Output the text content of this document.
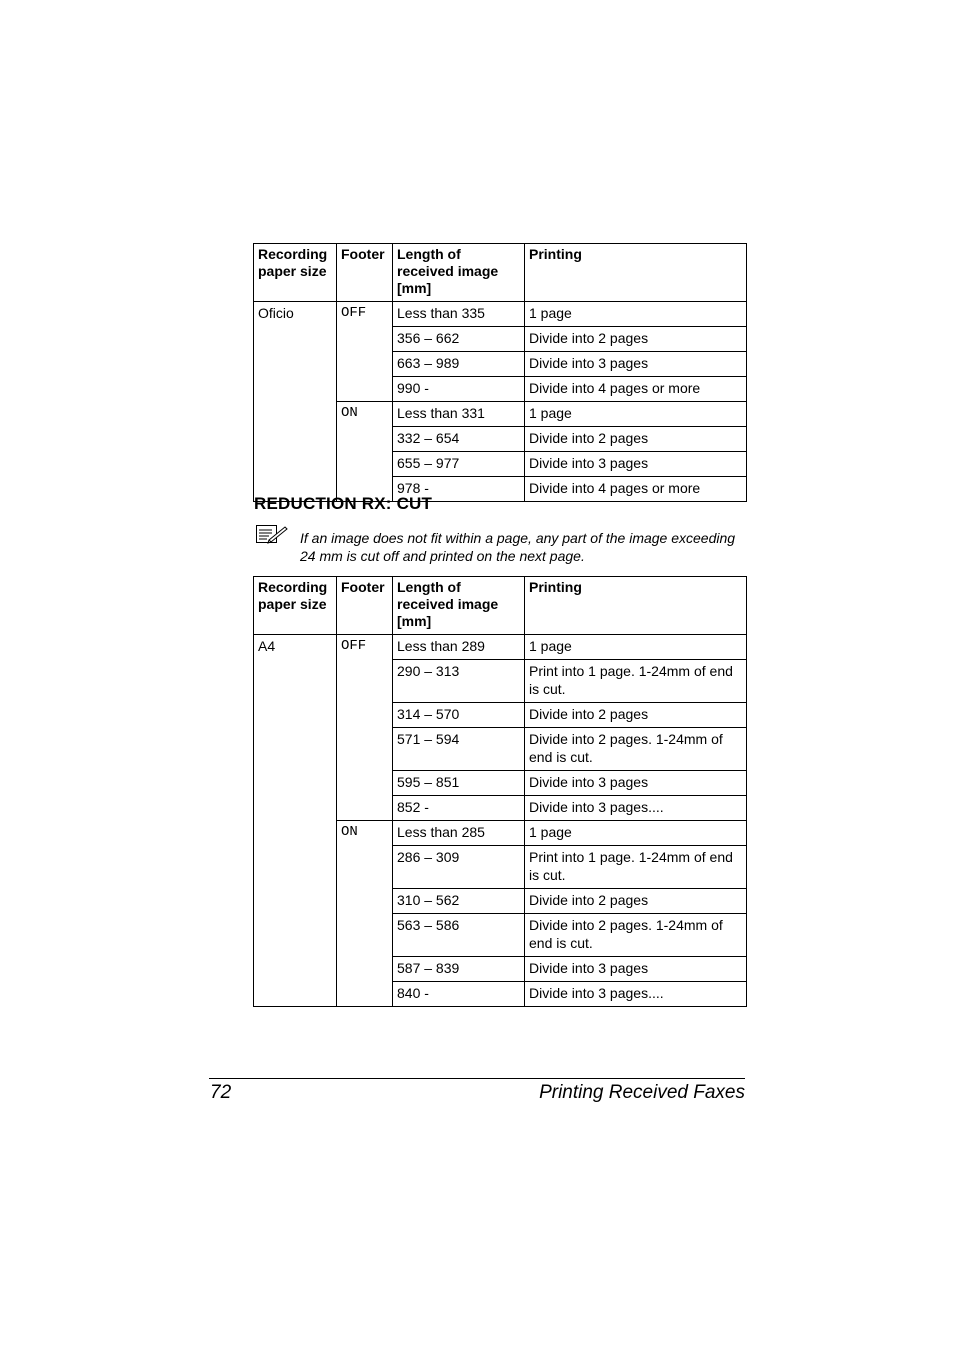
Recording paper size	Footer	Length of received image [mm]	Printing
Oficio	OFF	Less than 335	1 page
		356 – 662	Divide into 2 pages
		663 – 989	Divide into 3 pages
		990 -	Divide into 4 pages or more
	ON	Less than 331	1 page
		332 – 654	Divide into 2 pages
		655 – 977	Divide into 3 pages
		978 -	Divide into 4 pages or more
REDUCTION RX: CUT
If an image does not fit within a page, any part of the image exceeding 24 mm is cut off and printed on the next page.
Recording paper size	Footer	Length of received image [mm]	Printing
A4	OFF	Less than 289	1 page
		290 – 313	Print into 1 page. 1-24mm of end is cut.
		314 – 570	Divide into 2 pages
		571 – 594	Divide into 2 pages. 1-24mm of end is cut.
		595 – 851	Divide into 3 pages
		852 -	Divide into 3 pages....
	ON	Less than 285	1 page
		286 – 309	Print into 1 page. 1-24mm of end is cut.
		310 – 562	Divide into 2 pages
		563 – 586	Divide into 2 pages. 1-24mm of end is cut.
		587 – 839	Divide into 3 pages
		840 -	Divide into 3 pages....
72	Printing Received Faxes
